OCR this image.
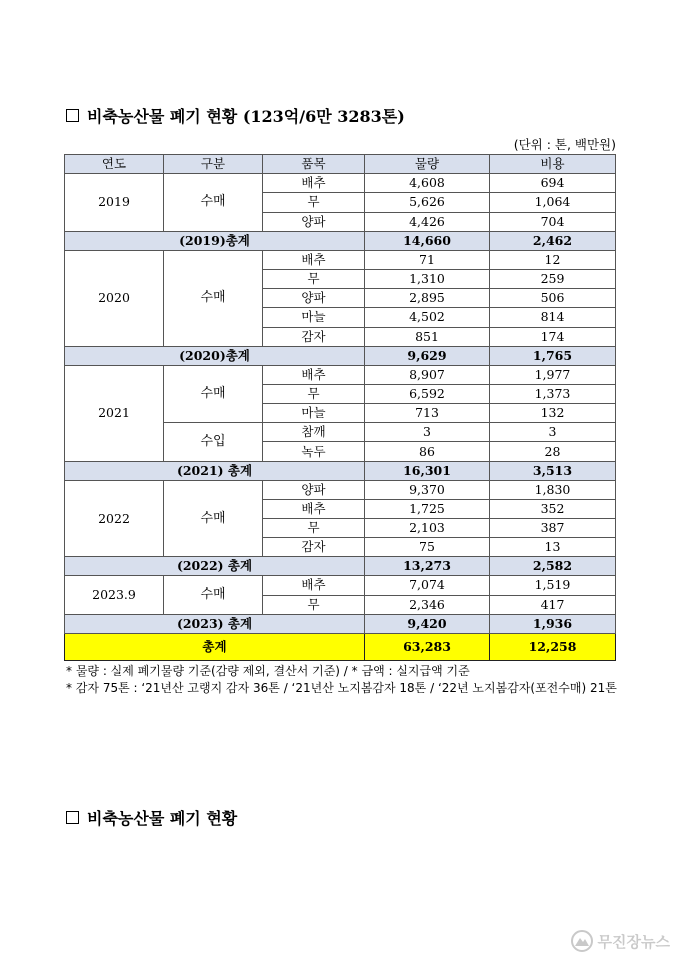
비축농산물 폐기 현황 (123억/6만 3283톤)
(단위 : 톤, 백만원)
연도	구분	품목	물량	비용
2019	수매	배추	4,608	694
		무	5,626	1,064
		양파	4,426	704
(2019)총계			14,660	2,462
2020	수매	배추	71	12
		무	1,310	259
		양파	2,895	506
		마늘	4,502	814
		감자	851	174
(2020)총계			9,629	1,765
2021	수매	배추	8,907	1,977
		무	6,592	1,373
		마늘	713	132
	수입	참깨	3	3
		녹두	86	28
(2021) 총계			16,301	3,513
2022	수매	양파	9,370	1,830
		배추	1,725	352
		무	2,103	387
		감자	75	13
(2022) 총계			13,273	2,582
2023.9	수매	배추	7,074	1,519
		무	2,346	417
(2023) 총계			9,420	1,936
총계			63,283	12,258

* 물량 : 실제 폐기물량 기준(감량 제외, 결산서 기준) / * 금액 : 실지급액 기준

* 감자 75톤 : ‘21년산 고랭지 감자 36톤 / ‘21년산 노지봄감자 18톤 / ‘22년 노지봄감자(포전수매) 21톤

비축농산물 폐기 현황
무진장뉴스
